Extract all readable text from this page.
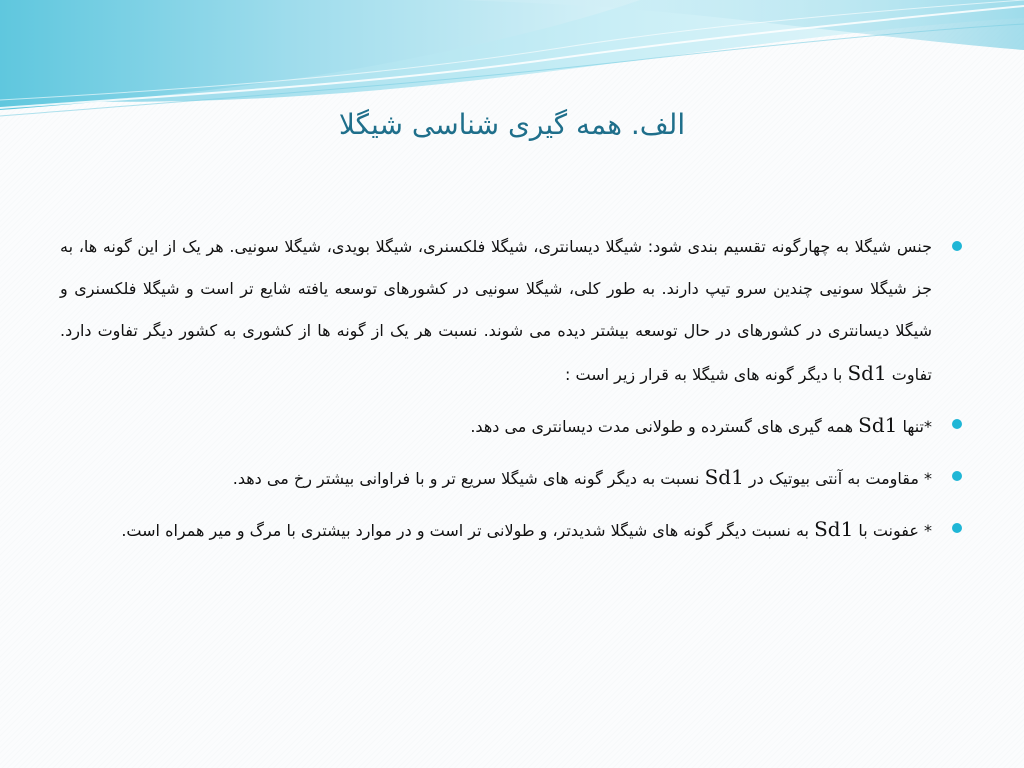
الف. همه گیری شناسی شیگلا
جنس شیگلا به چهارگونه تقسیم بندی شود: شیگلا دیسانتری، شیگلا فلکسنری، شیگلا بویدی، شیگلا سونیی. هر یک از این گونه ها، به جز شیگلا سونیی چندین سرو تیپ دارند. به طور کلی، شیگلا سونیی در کشورهای توسعه یافته شایع تر است و شیگلا فلکسنری و شیگلا دیسانتری در کشورهای در حال توسعه بیشتر دیده می شوند. نسبت هر یک از گونه ها از کشوری به کشور دیگر تفاوت دارد. تفاوت Sd1 با دیگر گونه های شیگلا به قرار زیر است :
*تنها Sd1 همه گیری های گسترده و طولانی مدت دیسانتری می دهد.
* مقاومت به آنتی بیوتیک در Sd1 نسبت به دیگر گونه های شیگلا سریع تر و با فراوانی بیشتر رخ می دهد.
* عفونت با Sd1 به نسبت دیگر گونه های شیگلا شدیدتر، و طولانی تر است و در موارد بیشتری با مرگ و میر همراه است.
